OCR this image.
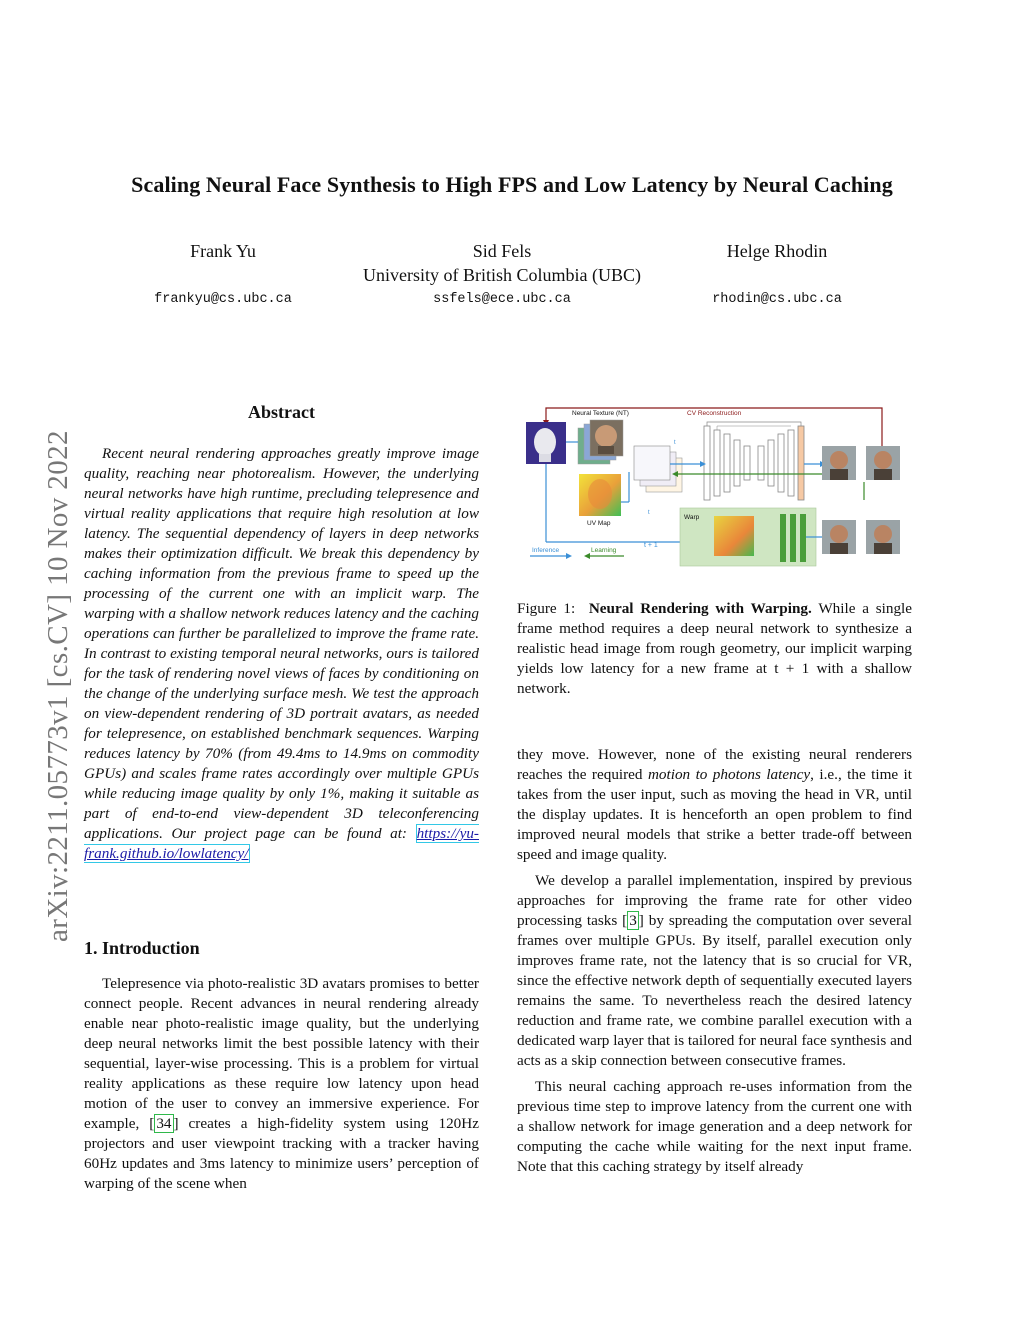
Scaling Neural Face Synthesis to High FPS and Low Latency by Neural Caching
Frank Yu	Sid Fels	Helge Rhodin
University of British Columbia (UBC)
frankyu@cs.ubc.ca	ssfels@ece.ubc.ca	rhodin@cs.ubc.ca
arXiv:2211.05773v1 [cs.CV] 10 Nov 2022
Abstract
Recent neural rendering approaches greatly improve image quality, reaching near photorealism. However, the underlying neural networks have high runtime, precluding telepresence and virtual reality applications that require high resolution at low latency. The sequential dependency of layers in deep networks makes their optimization difficult. We break this dependency by caching information from the previous frame to speed up the processing of the current one with an implicit warp. The warping with a shallow network reduces latency and the caching operations can further be parallelized to improve the frame rate. In contrast to existing temporal neural networks, ours is tailored for the task of rendering novel views of faces by conditioning on the change of the underlying surface mesh. We test the approach on view-dependent rendering of 3D portrait avatars, as needed for telepresence, on established benchmark sequences. Warping reduces latency by 70% (from 49.4ms to 14.9ms on commodity GPUs) and scales frame rates accordingly over multiple GPUs while reducing image quality by only 1%, making it suitable as part of end-to-end view-dependent 3D teleconferencing applications. Our project page can be found at: https://yu-frank.github.io/lowlatency/
1. Introduction
Telepresence via photo-realistic 3D avatars promises to better connect people. Recent advances in neural rendering already enable near photo-realistic image quality, but the underlying deep neural networks limit the best possible latency with their sequential, layer-wise processing. This is a problem for virtual reality applications as these require low latency upon head motion of the user to convey an immersive experience. For example, [ 34 ] creates a high-fidelity system using 120Hz projectors and user viewpoint tracking with a tracker having 60Hz updates and 3ms latency to minimize users’ perception of warping of the scene when
Neural Texture (NT)	CV Reconstruction
UV Map
t
Warp
t
t + 1
Inference	Learning
Figure 1: Neural Rendering with Warping. While a single frame method requires a deep neural network to synthesize a realistic head image from rough geometry, our implicit warping yields low latency for a new frame at t + 1 with a shallow network.

they move. However, none of the existing neural renderers reaches the required motion to photons latency, i.e., the time it takes from the user input, such as moving the head in VR, until the display updates. It is henceforth an open problem to find improved neural models that strike a better trade-off between speed and image quality.

We develop a parallel implementation, inspired by previous approaches for improving the frame rate for other video processing tasks [ 3 ] by spreading the computation over several frames over multiple GPUs. By itself, parallel execution only improves frame rate, not the latency that is so crucial for VR, since the effective network depth of sequentially executed layers remains the same. To nevertheless reach the desired latency reduction and frame rate, we combine parallel execution with a dedicated warp layer that is tailored for neural face synthesis and acts as a skip connection between consecutive frames.

This neural caching approach re-uses information from the previous time step to improve latency from the current one with a shallow network for image generation and a deep network for computing the cache while waiting for the next input frame. Note that this caching strategy by itself already
